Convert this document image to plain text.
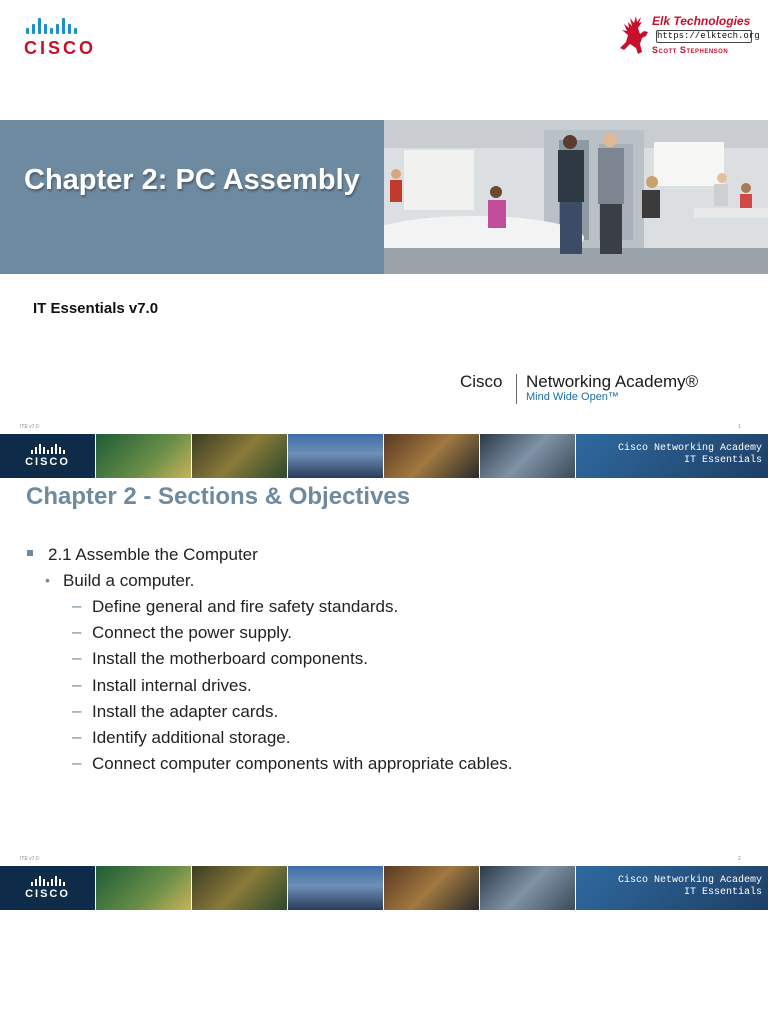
CISCO
Elk Technologies
https://elktech.org
Scott Stephenson
Chapter 2: PC Assembly
IT Essentials v7.0
Cisco Networking Academy®
Mind Wide Open™
ITE v7.0	1
CISCO
Cisco Networking Academy
IT Essentials
Chapter 2 - Sections & Objectives
2.1 Assemble the Computer
• Build a computer.
– Define general and fire safety standards.
– Connect the power supply.
– Install the motherboard components.
– Install internal drives.
– Install the adapter cards.
– Identify additional storage.
– Connect computer components with appropriate cables.
ITE v7.0	2
CISCO
Cisco Networking Academy
IT Essentials
